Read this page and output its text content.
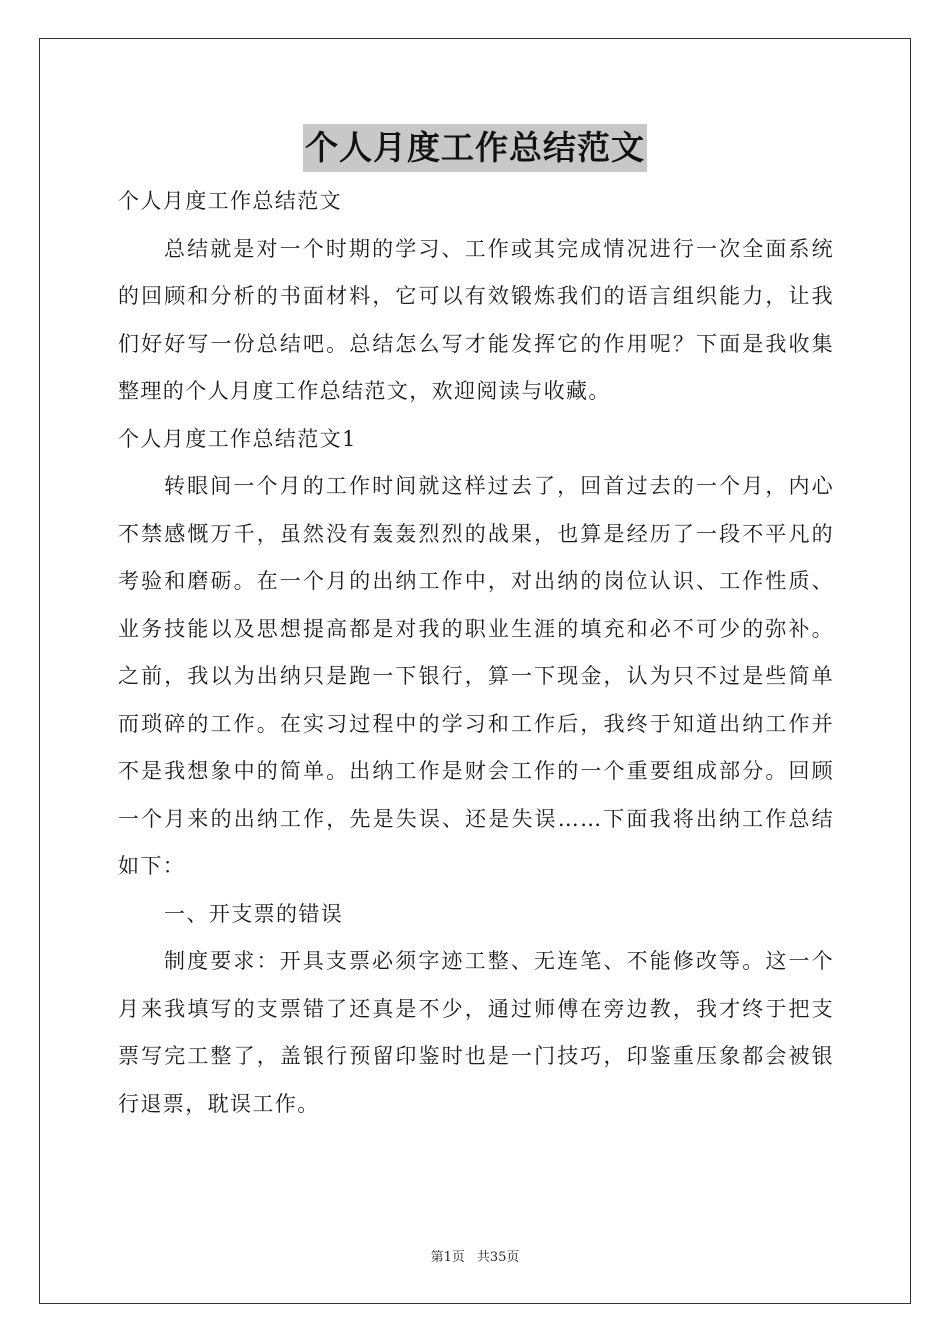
个人月度工作总结范文

个人月度工作总结范文

总结就是对一个时期的学习、工作或其完成情况进行一次全面系统的回顾和分析的书面材料，它可以有效锻炼我们的语言组织能力，让我们好好写一份总结吧。总结怎么写才能发挥它的作用呢？下面是我收集整理的个人月度工作总结范文，欢迎阅读与收藏。

个人月度工作总结范文1

转眼间一个月的工作时间就这样过去了，回首过去的一个月，内心不禁感慨万千，虽然没有轰轰烈烈的战果，也算是经历了一段不平凡的考验和磨砺。在一个月的出纳工作中，对出纳的岗位认识、工作性质、业务技能以及思想提高都是对我的职业生涯的填充和必不可少的弥补。之前，我以为出纳只是跑一下银行，算一下现金，认为只不过是些简单而琐碎的工作。在实习过程中的学习和工作后，我终于知道出纳工作并不是我想象中的简单。出纳工作是财会工作的一个重要组成部分。回顾一个月来的出纳工作，先是失误、还是失误……下面我将出纳工作总结如下：

一、开支票的错误

制度要求：开具支票必须字迹工整、无连笔、不能修改等。这一个月来我填写的支票错了还真是不少，通过师傅在旁边教，我才终于把支票写完工整了，盖银行预留印鉴时也是一门技巧，印鉴重压象都会被银行退票，耽误工作。

第1页 共35页
